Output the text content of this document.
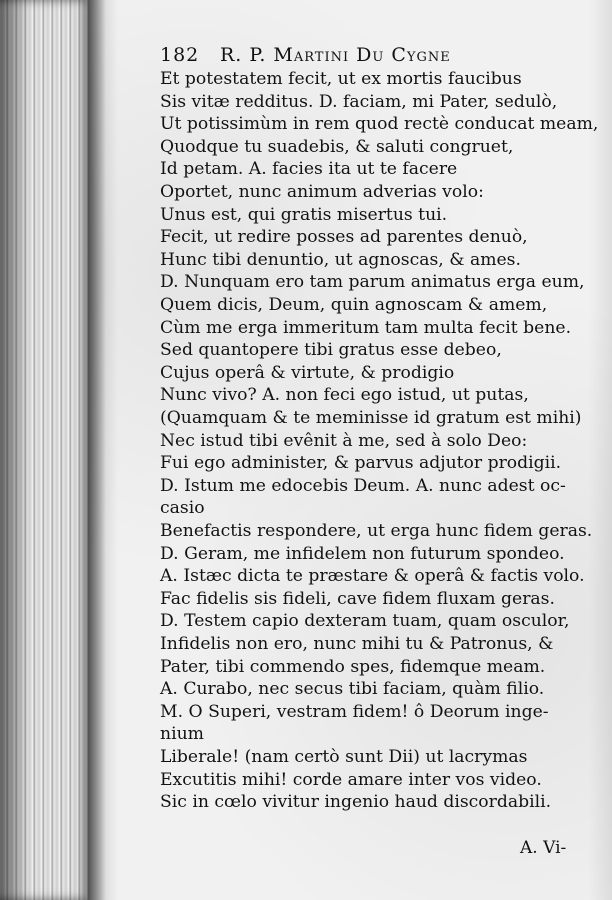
182 R. P. Martini Du Cygne
Et potestatem fecit, ut ex mortis faucibus
Sis vitæ redditus. D. faciam, mi Pater, sedulò,
Ut potissimùm in rem quod rectè conducat meam,
Quodque tu suadebis, & saluti congruet,
Id petam. A. facies ita ut te facere
Oportet, nunc animum adverias volo:
Unus est, qui gratis misertus tui.
Fecit, ut redire posses ad parentes denuò,
Hunc tibi denuntio, ut agnoscas, & ames.
D. Nunquam ero tam parum animatus erga eum,
Quem dicis, Deum, quin agnoscam & amem,
Cùm me erga immeritum tam multa fecit bene.
Sed quantopere tibi gratus esse debeo,
Cujus operâ & virtute, & prodigio
Nunc vivo? A. non feci ego istud, ut putas,
(Quamquam & te meminisse id gratum est mihi)
Nec istud tibi evênit à me, sed à solo Deo:
Fui ego administer, & parvus adjutor prodigii.
D. Istum me edocebis Deum. A. nunc adest oc-
casio
Benefactis respondere, ut erga hunc fidem geras.
D. Geram, me infidelem non futurum spondeo.
A. Istæc dicta te præstare & operâ & factis volo.
Fac fidelis sis fideli, cave fidem fluxam geras.
D. Testem capio dexteram tuam, quam osculor,
Infidelis non ero, nunc mihi tu & Patronus, &
Pater, tibi commendo spes, fidemque meam.
A. Curabo, nec secus tibi faciam, quàm filio.
M. O Superi, vestram fidem! ô Deorum inge-
nium
Liberale! (nam certò sunt Dii) ut lacrymas
Excutitis mihi! corde amare inter vos video.
Sic in cœlo vivitur ingenio haud discordabili.
A. Vi-
